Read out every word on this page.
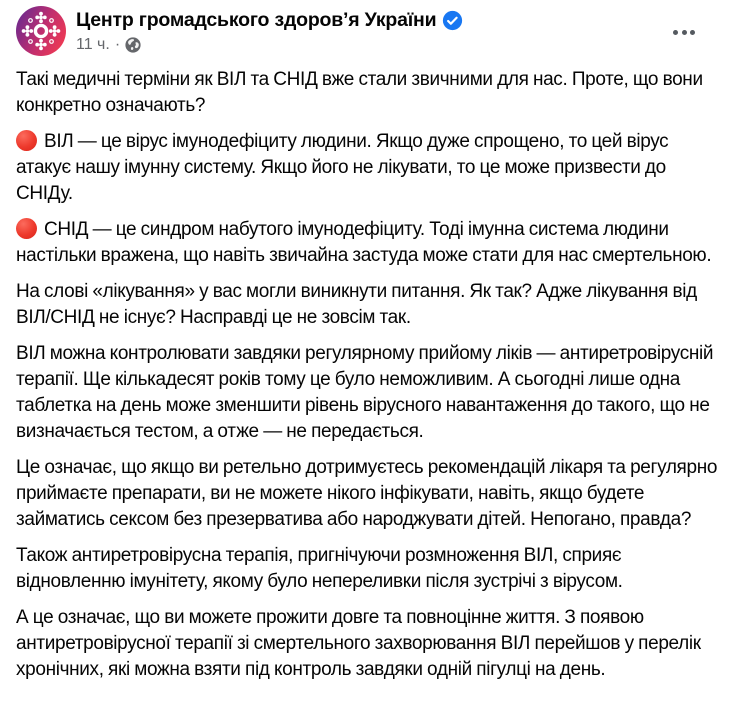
Центр громадського здоров’я України
11 ч. ·

Такі медичні терміни як ВІЛ та СНІД вже стали звичними для нас. Проте, що вони конкретно означають?

ВІЛ — це вірус імунодефіциту людини. Якщо дуже спрощено, то цей вірус атакує нашу імунну систему. Якщо його не лікувати, то це може призвести до СНІДу.

СНІД — це синдром набутого імунодефіциту. Тоді імунна система людини настільки вражена, що навіть звичайна застуда може стати для нас смертельною.

На слові «лікування» у вас могли виникнути питання. Як так? Адже лікування від ВІЛ/СНІД не існує? Насправді це не зовсім так.

ВІЛ можна контролювати завдяки регулярному прийому ліків — антиретровірусній терапії. Ще кількадесят років тому це було неможливим. А сьогодні лише одна таблетка на день може зменшити рівень вірусного навантаження до такого, що не визначається тестом, а отже — не передається.

Це означає, що якщо ви ретельно дотримуєтесь рекомендацій лікаря та регулярно приймаєте препарати, ви не можете нікого інфікувати, навіть, якщо будете займатись сексом без презерватива або народжувати дітей. Непогано, правда?

Також антиретровірусна терапія, пригнічуючи розмноження ВІЛ, сприяє відновленню імунітету, якому було непереливки після зустрічі з вірусом.

А це означає, що ви можете прожити довге та повноцінне життя. З появою антиретровірусної терапії зі смертельного захворювання ВІЛ перейшов у перелік хронічних, які можна взяти під контроль завдяки одній пігулці на день.
